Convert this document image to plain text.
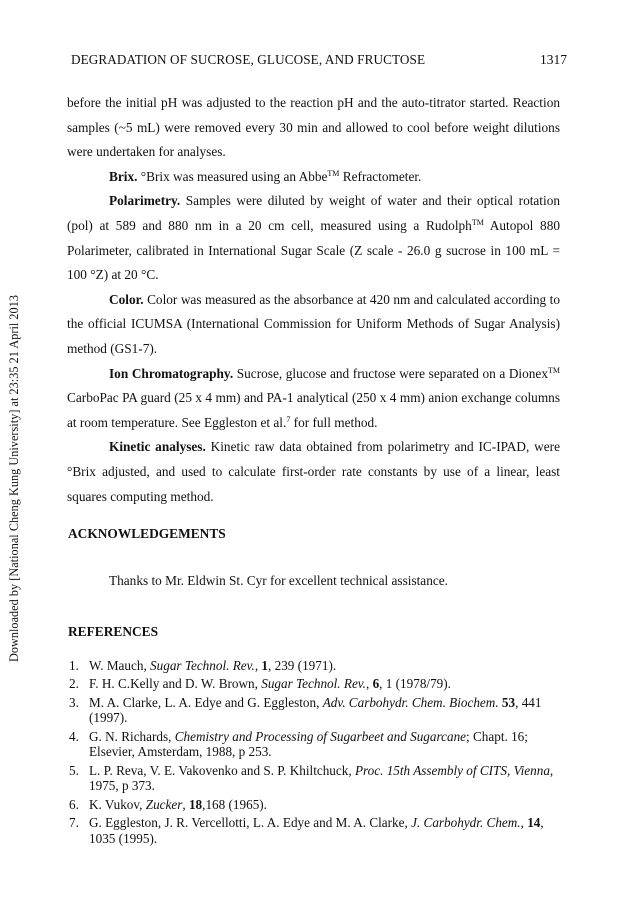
Downloaded by [National Cheng Kung University] at 23:35 21 April 2013
DEGRADATION OF SUCROSE, GLUCOSE, AND FRUCTOSE	1317

before the initial pH was adjusted to the reaction pH and the auto-titrator started. Reaction samples (~5 mL) were removed every 30 min and allowed to cool before weight dilutions were undertaken for analyses.

Brix. °Brix was measured using an Abbe™ Refractometer.

Polarimetry. Samples were diluted by weight of water and their optical rotation (pol) at 589 and 880 nm in a 20 cm cell, measured using a Rudolph™ Autopol 880 Polarimeter, calibrated in International Sugar Scale (Z scale - 26.0 g sucrose in 100 mL = 100 °Z) at 20 °C.

Color. Color was measured as the absorbance at 420 nm and calculated according to the official ICUMSA (International Commission for Uniform Methods of Sugar Analysis) method (GS1-7).

Ion Chromatography. Sucrose, glucose and fructose were separated on a Dionex™ CarboPac PA guard (25 x 4 mm) and PA-1 analytical (250 x 4 mm) anion exchange columns at room temperature. See Eggleston et al.$^7$ for full method.

Kinetic analyses. Kinetic raw data obtained from polarimetry and IC-IPAD, were °Brix adjusted, and used to calculate first-order rate constants by use of a linear, least squares computing method.

ACKNOWLEDGEMENTS
Thanks to Mr. Eldwin St. Cyr for excellent technical assistance.
REFERENCES
1. W. Mauch, Sugar Technol. Rev., 1, 239 (1971).
2. F. H. C.Kelly and D. W. Brown, Sugar Technol. Rev., 6, 1 (1978/79).
3. M. A. Clarke, L. A. Edye and G. Eggleston, Adv. Carbohydr. Chem. Biochem. 53, 441 (1997).
4. G. N. Richards, Chemistry and Processing of Sugarbeet and Sugarcane; Chapt. 16; Elsevier, Amsterdam, 1988, p 253.
5. L. P. Reva, V. E. Vakovenko and S. P. Khiltchuck, Proc. 15th Assembly of CITS, Vienna, 1975, p 373.
6. K. Vukov, Zucker, 18,168 (1965).
7. G. Eggleston, J. R. Vercellotti, L. A. Edye and M. A. Clarke, J. Carbohydr. Chem., 14, 1035 (1995).
